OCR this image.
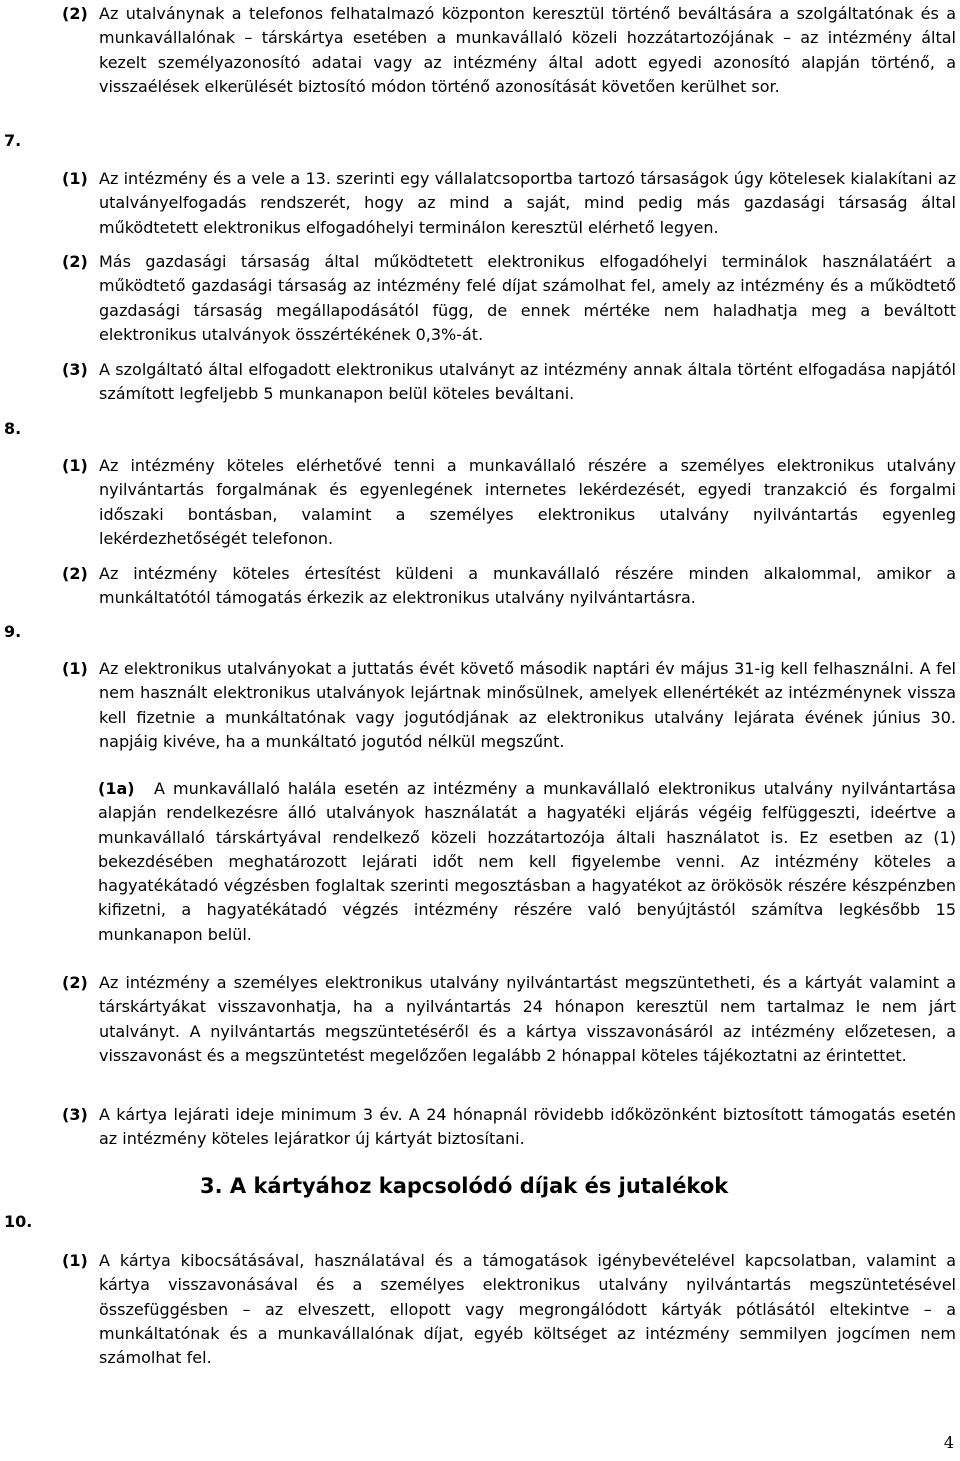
(2) Az utalványnak a telefonos felhatalmazó központon keresztül történő beváltására a szolgáltatónak és a munkavállalónak – társkártya esetében a munkavállaló közeli hozzátartozójának – az intézmény által kezelt személyazonosító adatai vagy az intézmény által adott egyedi azonosító alapján történő, a visszaélések elkerülését biztosító módon történő azonosítását követően kerülhet sor.
7.
(1) Az intézmény és a vele a 13. szerinti egy vállalatcsoportba tartozó társaságok úgy kötelesek kialakítani az utalványelfogadás rendszerét, hogy az mind a saját, mind pedig más gazdasági társaság által működtetett elektronikus elfogadóhelyi terminálon keresztül elérhető legyen.
(2) Más gazdasági társaság által működtetett elektronikus elfogadóhelyi terminálok használatáért a működtető gazdasági társaság az intézmény felé díjat számolhat fel, amely az intézmény és a működtető gazdasági társaság megállapodásától függ, de ennek mértéke nem haladhatja meg a beváltott elektronikus utalványok összértékének 0,3%-át.
(3) A szolgáltató által elfogadott elektronikus utalványt az intézmény annak általa történt elfogadása napjától számított legfeljebb 5 munkanapon belül köteles beváltani.
8.
(1) Az intézmény köteles elérhetővé tenni a munkavállaló részére a személyes elektronikus utalvány nyilvántartás forgalmának és egyenlegének internetes lekérdezését, egyedi tranzakció és forgalmi időszaki bontásban, valamint a személyes elektronikus utalvány nyilvántartás egyenleg lekérdezhetőségét telefonon.
(2) Az intézmény köteles értesítést küldeni a munkavállaló részére minden alkalommal, amikor a munkáltatótól támogatás érkezik az elektronikus utalvány nyilvántartásra.
9.
(1) Az elektronikus utalványokat a juttatás évét követő második naptári év május 31-ig kell felhasználni. A fel nem használt elektronikus utalványok lejártnak minősülnek, amelyek ellenértékét az intézménynek vissza kell fizetnie a munkáltatónak vagy jogutódjának az elektronikus utalvány lejárata évének június 30. napjáig kivéve, ha a munkáltató jogutód nélkül megszűnt.
(1a) A munkavállaló halála esetén az intézmény a munkavállaló elektronikus utalvány nyilvántartása alapján rendelkezésre álló utalványok használatát a hagyatéki eljárás végéig felfüggeszti, ideértve a munkavállaló társkártyával rendelkező közeli hozzátartozója általi használatot is. Ez esetben az (1) bekezdésében meghatározott lejárati időt nem kell figyelembe venni. Az intézmény köteles a hagyatékátadó végzésben foglaltak szerinti megosztásban a hagyatékot az örökösök részére készpénzben kifizetni, a hagyatékátadó végzés intézmény részére való benyújtástól számítva legkésőbb 15 munkanapon belül.
(2) Az intézmény a személyes elektronikus utalvány nyilvántartást megszüntetheti, és a kártyát valamint a társkártyákat visszavonhatja, ha a nyilvántartás 24 hónapon keresztül nem tartalmaz le nem járt utalványt. A nyilvántartás megszüntetéséről és a kártya visszavonásáról az intézmény előzetesen, a visszavonást és a megszüntetést megelőzően legalább 2 hónappal köteles tájékoztatni az érintettet.
(3) A kártya lejárati ideje minimum 3 év. A 24 hónapnál rövidebb időközönként biztosított támogatás esetén az intézmény köteles lejáratkor új kártyát biztosítani.
3. A kártyához kapcsolódó díjak és jutalékok
10.
(1) A kártya kibocsátásával, használatával és a támogatások igénybevételével kapcsolatban, valamint a kártya visszavonásával és a személyes elektronikus utalvány nyilvántartás megszüntetésével összefüggésben – az elveszett, ellopott vagy megrongálódott kártyák pótlásától eltekintve – a munkáltatónak és a munkavállalónak díjat, egyéb költséget az intézmény semmilyen jogcímen nem számolhat fel.
4
